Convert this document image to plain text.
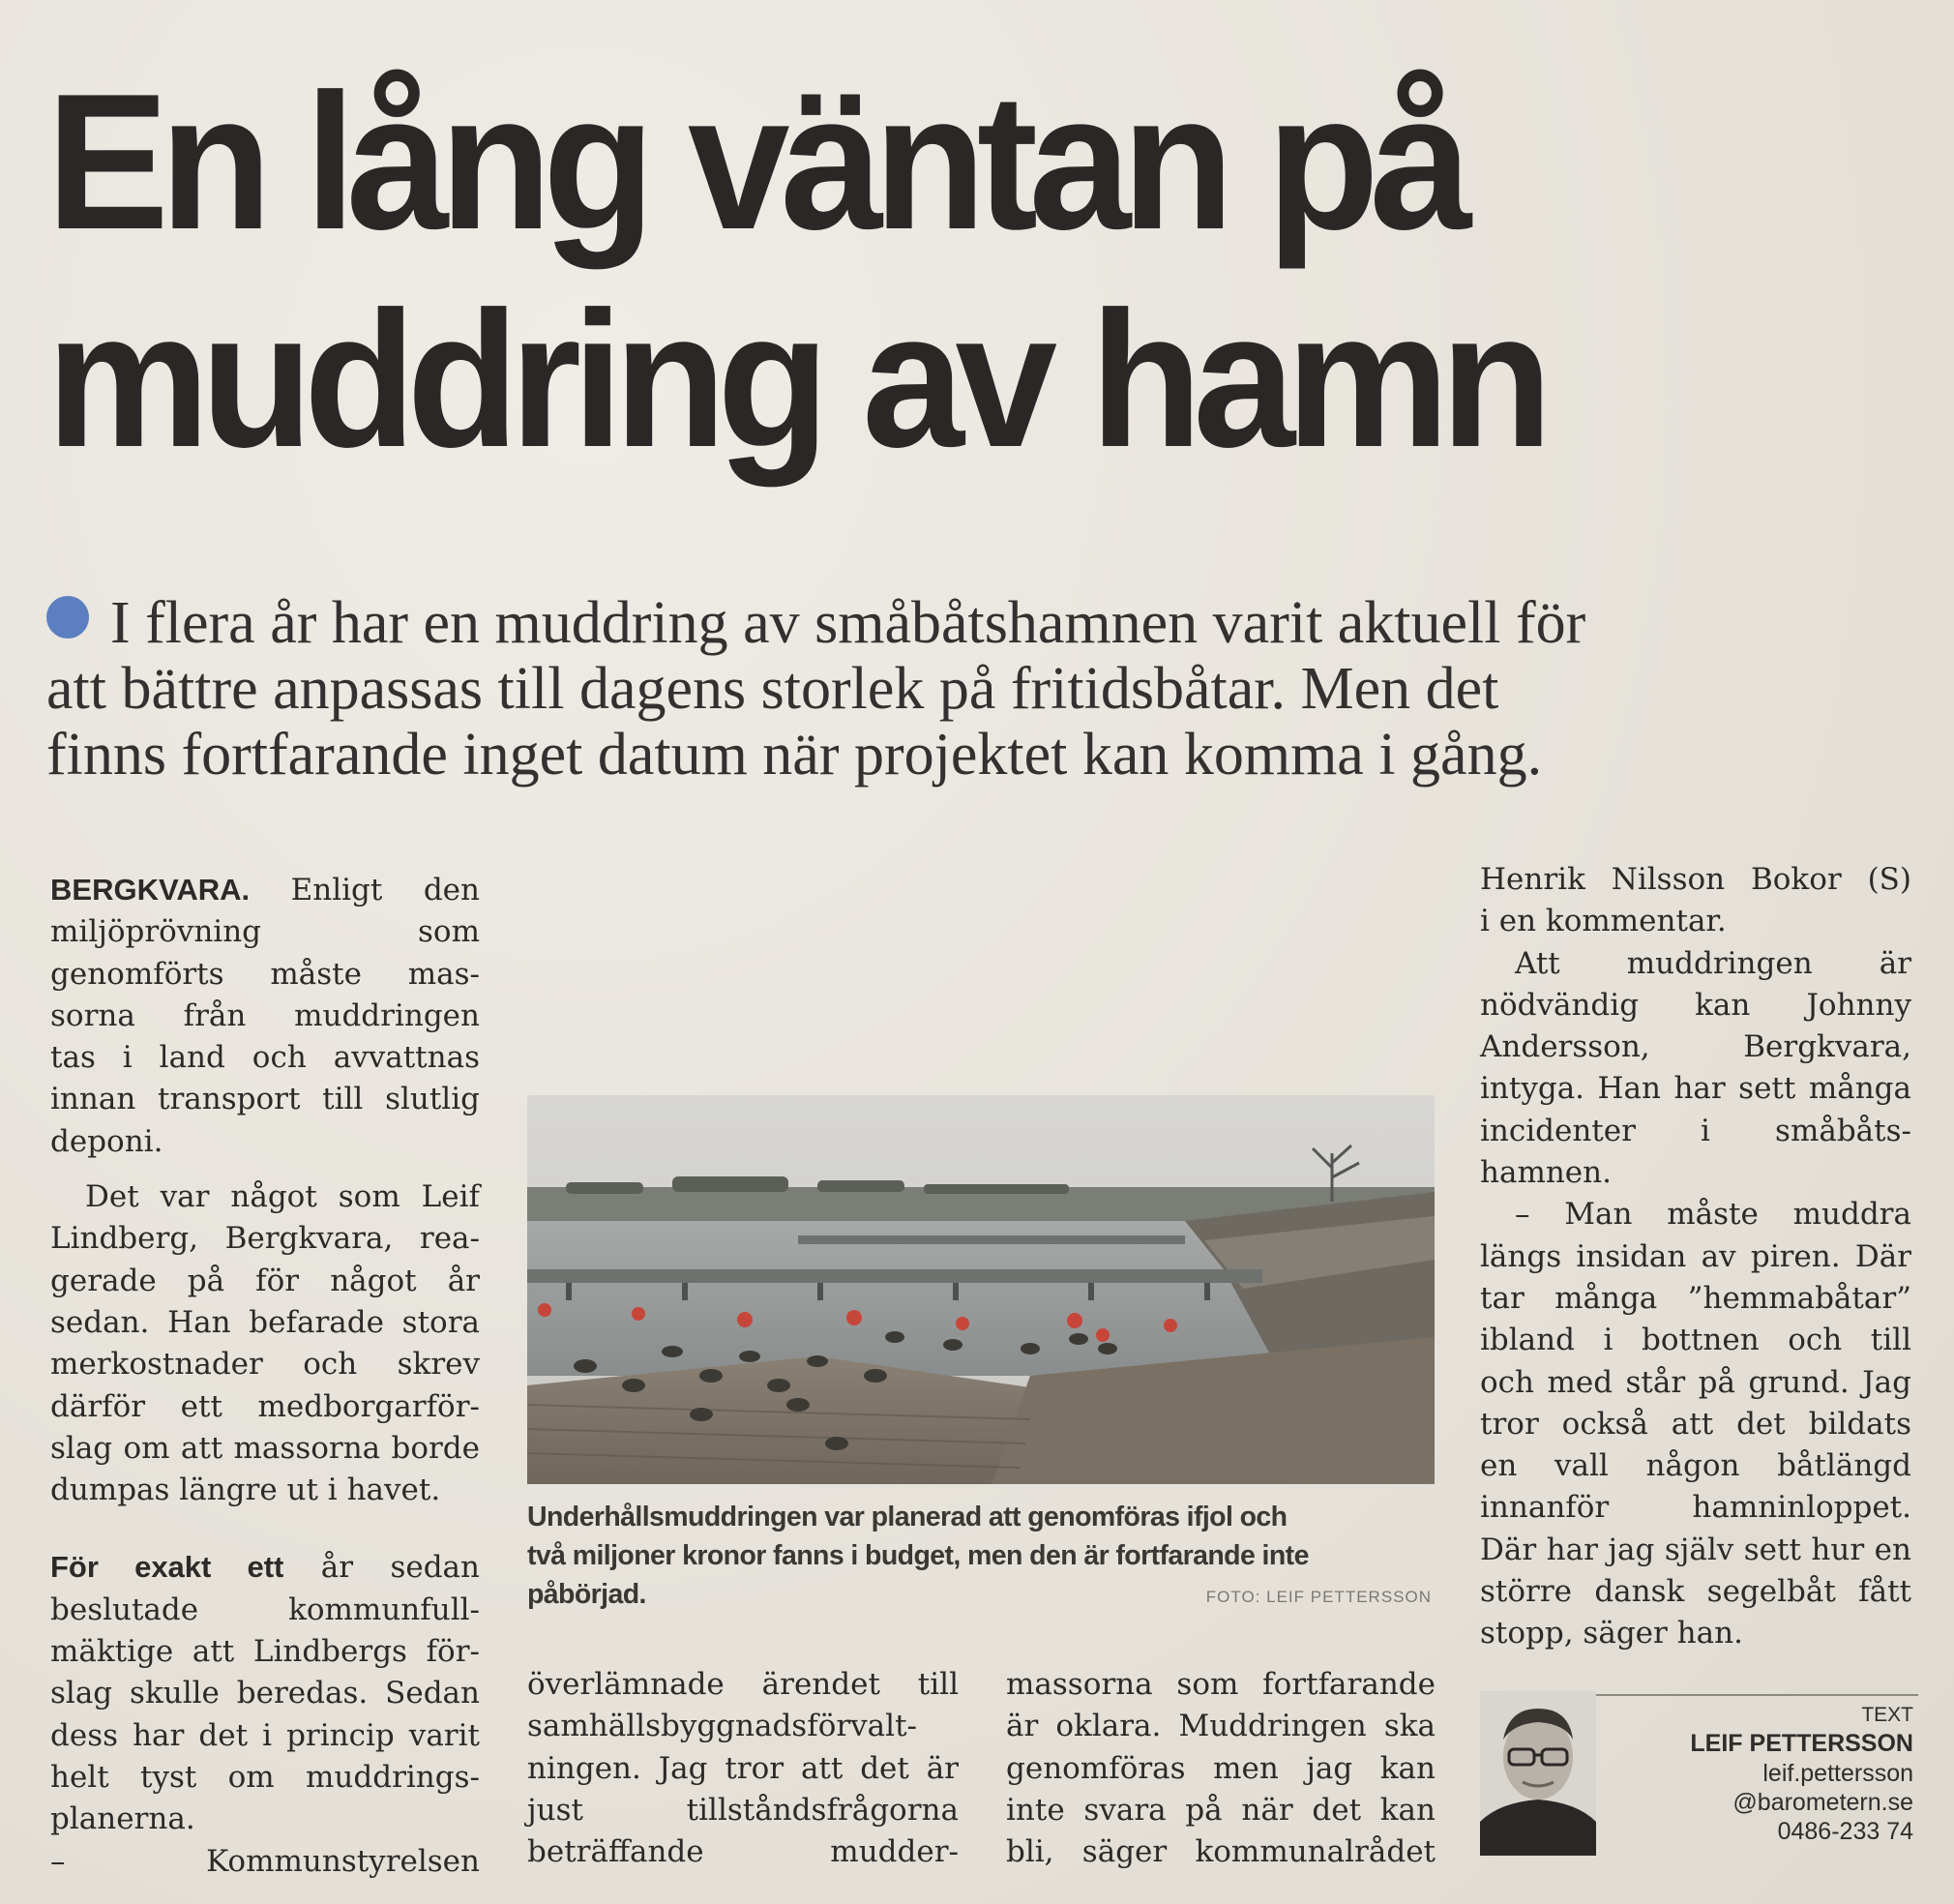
En lång väntan på
muddring av hamn
I flera år har en muddring av småbåtshamnen varit aktuell för
att bättre anpassas till dagens storlek på fritidsbåtar. Men det
finns fortfarande inget datum när projektet kan komma i gång.

BERGKVARA. Enligt den

miljöprövning som

genomförts måste mas-

sorna från muddringen

tas i land och avvattnas

innan transport till slutlig

deponi.

Det var något som Leif

Lindberg, Bergkvara, rea-

gerade på för något år

sedan. Han befarade stora

merkostnader och skrev

därför ett medborgarför-

slag om att massorna borde

dumpas längre ut i havet.

För exakt ett år sedan

beslutade kommunfull-

mäktige att Lindbergs för-

slag skulle beredas. Sedan

dess har det i princip varit

helt tyst om muddrings-

planerna.

– Kommunstyrelsen

Underhållsmuddringen var planerad att genomföras ifjol och
två miljoner kronor fanns i budget, men den är fortfarande inte
påbörjad.	FOTO: LEIF PETTERSSON

överlämnade ärendet till

samhällsbyggnadsförvalt-

ningen. Jag tror att det är

just tillståndsfrågorna

beträffande mudder-

massorna som fortfarande

är oklara. Muddringen ska

genomföras men jag kan

inte svara på när det kan

bli, säger kommunalrådet

Henrik Nilsson Bokor (S)

i en kommentar.

Att muddringen är

nödvändig kan Johnny

Andersson, Bergkvara,

intyga. Han har sett många

incidenter i småbåts-

hamnen.

– Man måste muddra

längs insidan av piren. Där

tar många ”hemmabåtar”

ibland i bottnen och till

och med står på grund. Jag

tror också att det bildats

en vall någon båtlängd

innanför hamninloppet.

Där har jag själv sett hur en

större dansk segelbåt fått

stopp, säger han.

TEXT
LEIF PETTERSSON
leif.pettersson
@barometern.se
0486-233 74
